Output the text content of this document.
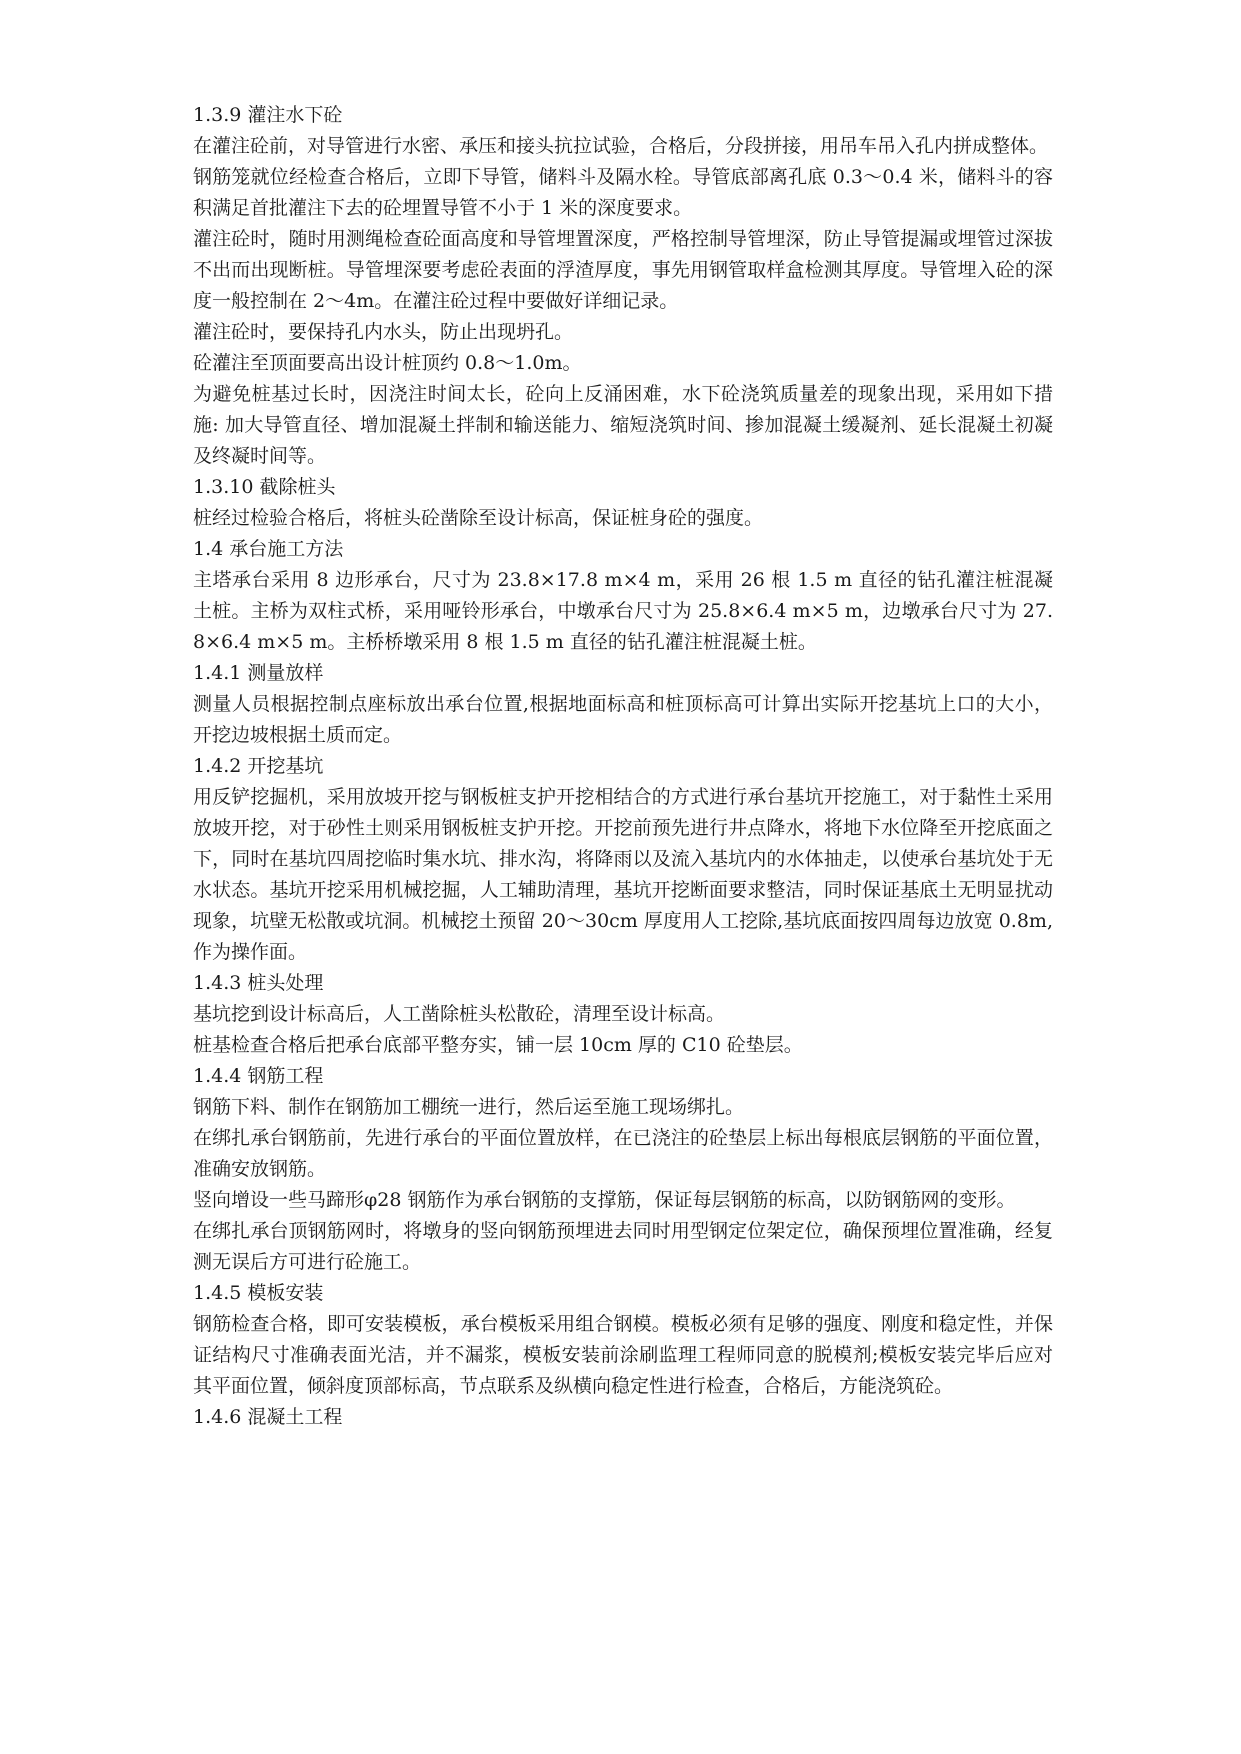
1.3.9 灌注水下砼

在灌注砼前，对导管进行水密、承压和接头抗拉试验，合格后，分段拼接，用吊车吊入孔内拼成整体。

钢筋笼就位经检查合格后，立即下导管，储料斗及隔水栓。导管底部离孔底 0.3～0.4 米，储料斗的容积满足首批灌注下去的砼埋置导管不小于 1 米的深度要求。

灌注砼时，随时用测绳检查砼面高度和导管埋置深度，严格控制导管埋深，防止导管提漏或埋管过深拔不出而出现断桩。导管埋深要考虑砼表面的浮渣厚度，事先用钢管取样盒检测其厚度。导管埋入砼的深度一般控制在 2～4m。在灌注砼过程中要做好详细记录。

灌注砼时，要保持孔内水头，防止出现坍孔。

砼灌注至顶面要高出设计桩顶约 0.8～1.0m。

为避免桩基过长时，因浇注时间太长，砼向上反涌困难，水下砼浇筑质量差的现象出现，采用如下措施: 加大导管直径、增加混凝土拌制和输送能力、缩短浇筑时间、掺加混凝土缓凝剂、延长混凝土初凝及终凝时间等。

1.3.10 截除桩头

桩经过检验合格后，将桩头砼凿除至设计标高，保证桩身砼的强度。

1.4 承台施工方法

主塔承台采用 8 边形承台，尺寸为 23.8×17.8 m×4 m，采用 26 根 1.5 m 直径的钻孔灌注桩混凝土桩。主桥为双柱式桥，采用哑铃形承台，中墩承台尺寸为 25.8×6.4 m×5 m，边墩承台尺寸为 27.8×6.4 m×5 m。主桥桥墩采用 8 根 1.5 m 直径的钻孔灌注桩混凝土桩。

1.4.1 测量放样

测量人员根据控制点座标放出承台位置,根据地面标高和桩顶标高可计算出实际开挖基坑上口的大小，开挖边坡根据土质而定。

1.4.2 开挖基坑

用反铲挖掘机，采用放坡开挖与钢板桩支护开挖相结合的方式进行承台基坑开挖施工，对于黏性土采用放坡开挖，对于砂性土则采用钢板桩支护开挖。开挖前预先进行井点降水，将地下水位降至开挖底面之下，同时在基坑四周挖临时集水坑、排水沟，将降雨以及流入基坑内的水体抽走，以使承台基坑处于无水状态。基坑开挖采用机械挖掘，人工辅助清理，基坑开挖断面要求整洁，同时保证基底土无明显扰动现象，坑壁无松散或坑洞。机械挖土预留 20～30cm 厚度用人工挖除,基坑底面按四周每边放宽 0.8m,作为操作面。

1.4.3 桩头处理

基坑挖到设计标高后，人工凿除桩头松散砼，清理至设计标高。

桩基检查合格后把承台底部平整夯实，铺一层 10cm 厚的 C10 砼垫层。

1.4.4 钢筋工程

钢筋下料、制作在钢筋加工棚统一进行，然后运至施工现场绑扎。

在绑扎承台钢筋前，先进行承台的平面位置放样，在已浇注的砼垫层上标出每根底层钢筋的平面位置，准确安放钢筋。

竖向增设一些马蹄形φ28 钢筋作为承台钢筋的支撑筋，保证每层钢筋的标高，以防钢筋网的变形。

在绑扎承台顶钢筋网时，将墩身的竖向钢筋预埋进去同时用型钢定位架定位，确保预埋位置准确，经复测无误后方可进行砼施工。

1.4.5 模板安装

钢筋检查合格，即可安装模板，承台模板采用组合钢模。模板必须有足够的强度、刚度和稳定性，并保证结构尺寸准确表面光洁，并不漏浆，模板安装前涂刷监理工程师同意的脱模剂;模板安装完毕后应对其平面位置，倾斜度顶部标高，节点联系及纵横向稳定性进行检查，合格后，方能浇筑砼。

1.4.6 混凝土工程
